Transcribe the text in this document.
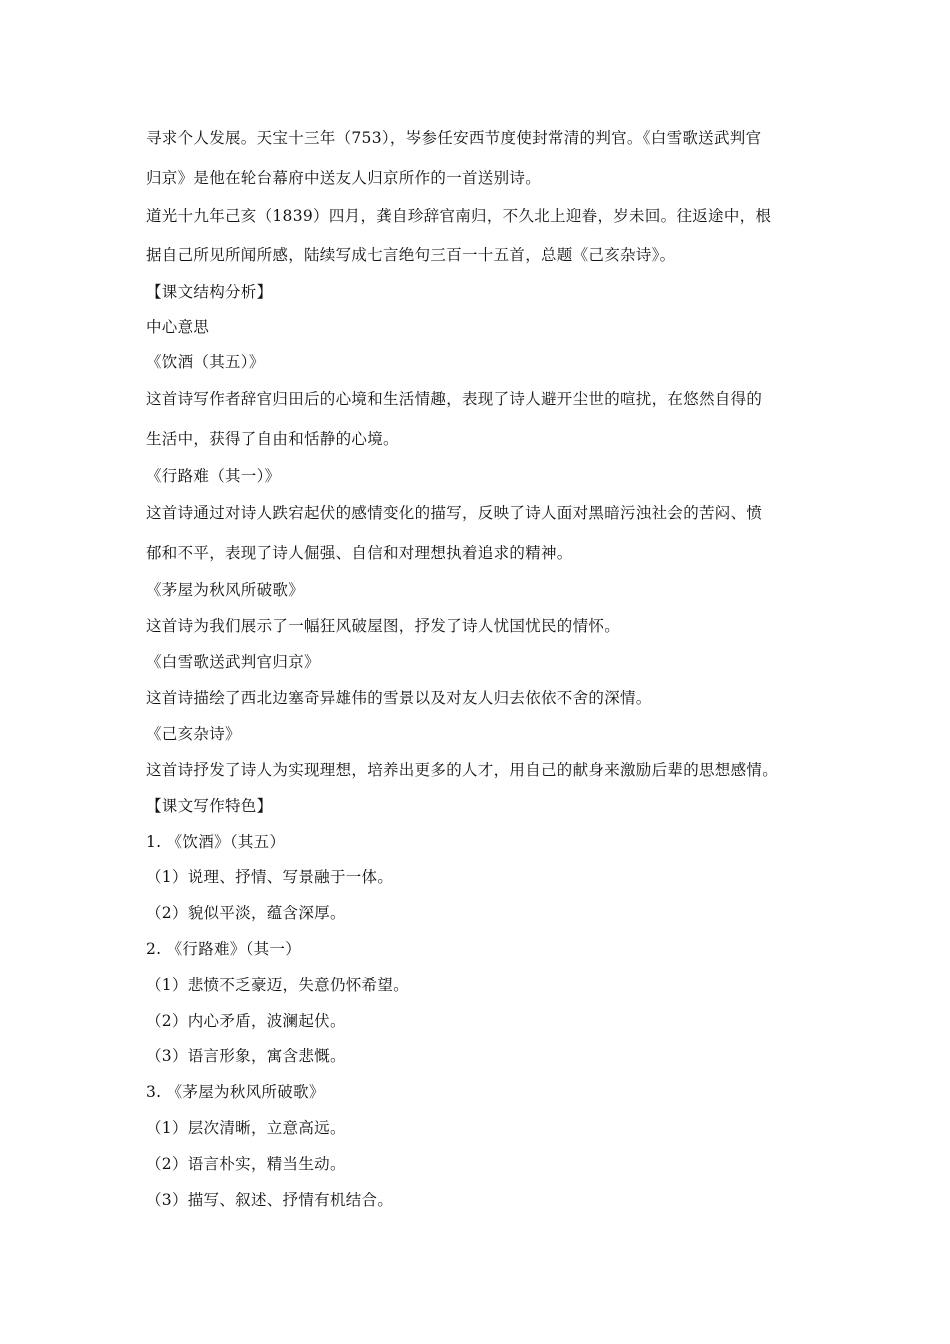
寻求个人发展。天宝十三年（753），岑参任安西节度使封常清的判官。《白雪歌送武判官
归京》是他在轮台幕府中送友人归京所作的一首送别诗。
道光十九年己亥（1839）四月，龚自珍辞官南归，不久北上迎眷，岁未回。往返途中，根
据自己所见所闻所感，陆续写成七言绝句三百一十五首，总题《己亥杂诗》。
【课文结构分析】
中心意思
《饮酒（其五）》
这首诗写作者辞官归田后的心境和生活情趣，表现了诗人避开尘世的喧扰，在悠然自得的
生活中，获得了自由和恬静的心境。
《行路难（其一）》
这首诗通过对诗人跌宕起伏的感情变化的描写，反映了诗人面对黑暗污浊社会的苦闷、愤
郁和不平，表现了诗人倔强、自信和对理想执着追求的精神。
《茅屋为秋风所破歌》
这首诗为我们展示了一幅狂风破屋图，抒发了诗人忧国忧民的情怀。
《白雪歌送武判官归京》
这首诗描绘了西北边塞奇异雄伟的雪景以及对友人归去依依不舍的深情。
《己亥杂诗》
这首诗抒发了诗人为实现理想，培养出更多的人才，用自己的献身来激励后辈的思想感情。
【课文写作特色】
1. 《饮酒》（其五）
（1）说理、抒情、写景融于一体。
（2）貌似平淡，蕴含深厚。
2. 《行路难》（其一）
（1）悲愤不乏豪迈，失意仍怀希望。
（2）内心矛盾，波澜起伏。
（3）语言形象，寓含悲慨。
3. 《茅屋为秋风所破歌》
（1）层次清晰，立意高远。
（2）语言朴实，精当生动。
（3）描写、叙述、抒情有机结合。
